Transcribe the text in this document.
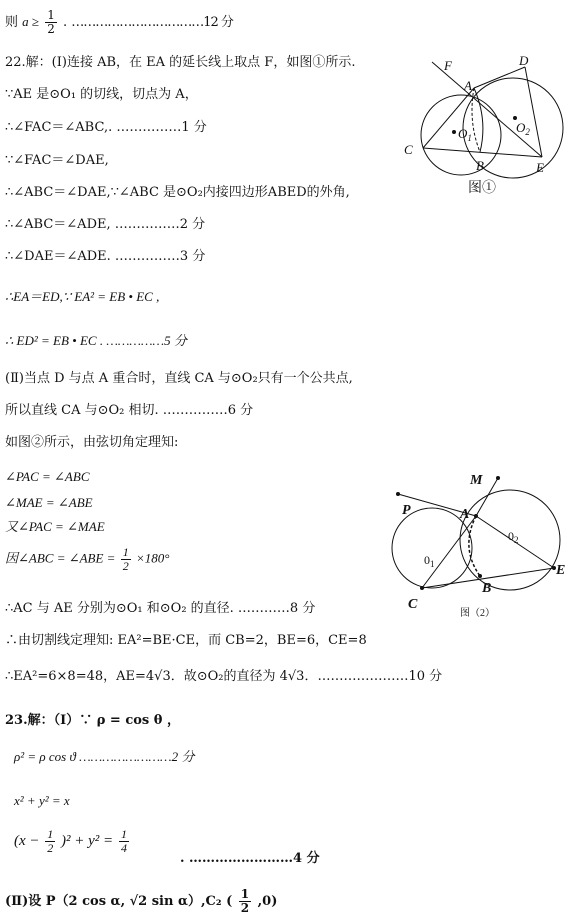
则 $a \ge \frac{1}{2}$ . ……………………………12 分
22.解：(Ⅰ)连接 AB，在 EA 的延长线上取点 F，如图①所示.
∵AE 是⊙O₁ 的切线，切点为 A，
∴∠FAC＝∠ABC,. ……………1 分
∵∠FAC＝∠DAE,
∴∠ABC＝∠DAE,∵∠ABC 是⊙O₂内接四边形ABED的外角,
∴∠ABC＝∠ADE, ……………2 分
∴∠DAE＝∠ADE. ……………3 分
∴EA＝ED,∵ EA² = EB • EC ,
∴ ED² = EB • EC . ……………5 分
(Ⅱ)当点 D 与点 A 重合时，直线 CA 与⊙O₂只有一个公共点,
所以直线 CA 与⊙O₂ 相切. ……………6 分
如图②所示，由弦切角定理知:
∠PAC = ∠ABC
∠MAE = ∠ABE
又∠PAC = ∠MAE
因∠ABC = ∠ABE = $\frac{1}{2} \times 180^\circ$
∴AC 与 AE 分别为⊙O₁ 和⊙O₂ 的直径. …………8 分
∴由切割线定理知: EA²=BE·CE，而 CB=2，BE=6，CE=8
∴EA²=6×8=48，AE=4√3．故⊙O₂的直径为 4√3．…………………10 分
23.解：（Ⅰ）∵ ρ = cos θ ，
ρ² = ρ cos ϑ ……………………2 分
x² + y² = x
$(x - \frac{1}{2} )^2 + y^2 = \frac{1}{4}$
. ……………………4 分
(Ⅱ)设 P（2 cos α, √2 sin α）,C₂ ( $\frac{1}{2} ,0$)
F
A
D
C
B	E
$O_1$
$O_2$
图①
M
P	A
E
C
B
$0_1$
$0_2$
图（2）
